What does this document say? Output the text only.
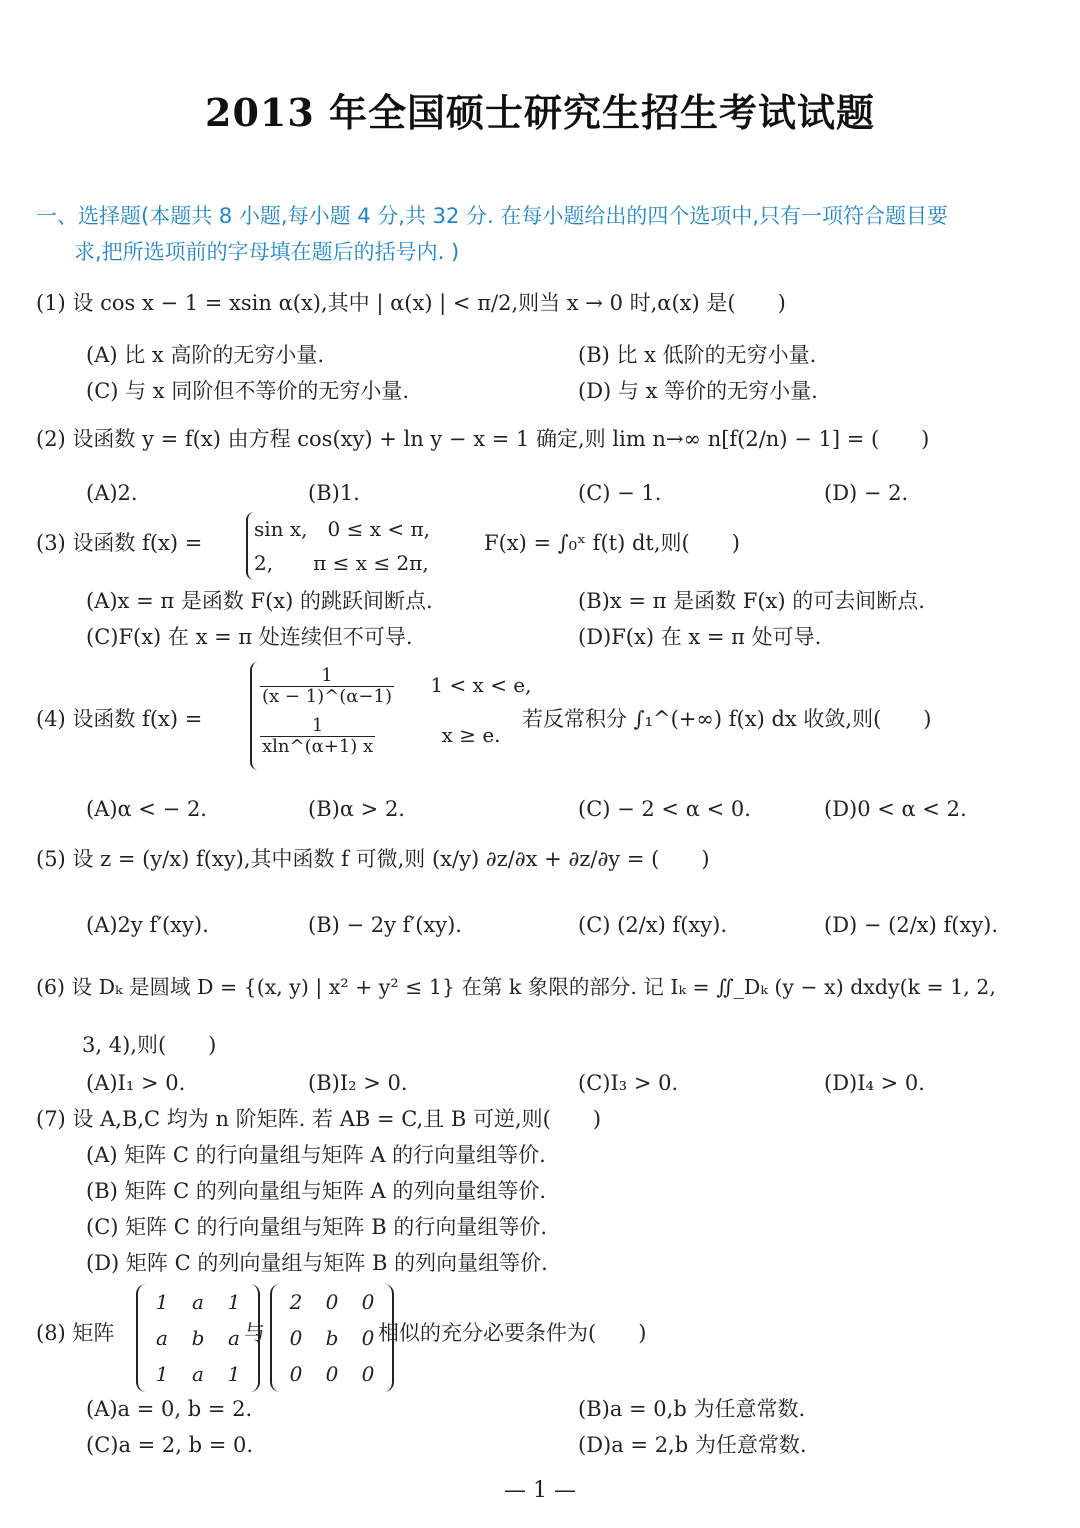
2013 年全国硕士研究生招生考试试题
一、选择题(本题共 8 小题,每小题 4 分,共 32 分. 在每小题给出的四个选项中,只有一项符合题目要
求,把所选项前的字母填在题后的括号内. )
(1) 设 cos x − 1 = xsin α(x),其中 | α(x) | < π/2,则当 x → 0 时,α(x) 是(　　)
(A) 比 x 高阶的无穷小量.	(B) 比 x 低阶的无穷小量.
(C) 与 x 同阶但不等价的无穷小量.	(D) 与 x 等价的无穷小量.
(2) 设函数 y = f(x) 由方程 cos(xy) + ln y − x = 1 确定,则 lim n→∞ n[f(2/n) − 1] = (　　)
(A)2.	(B)1.	(C) − 1.	(D) − 2.
(3) 设函数 f(x) =
sin x,　0 ≤ x < π,
2,　　π ≤ x ≤ 2π,
F(x) = ∫₀ˣ f(t) dt,则(　　)
(A)x = π 是函数 F(x) 的跳跃间断点.	(B)x = π 是函数 F(x) 的可去间断点.
(C)F(x) 在 x = π 处连续但不可导.	(D)F(x) 在 x = π 处可导.
(4) 设函数 f(x) =
$\frac{1}{(x - 1)\^{}(\alpha-1)} 1 < x < e$,
$\frac{1}{xln\^{}(\alpha+1) x}$	x ≥ e.
若反常积分 ∫₁^(+∞) f(x) dx 收敛,则(　　)
(A)α < − 2.	(B)α > 2.	(C) − 2 < α < 0.	(D)0 < α < 2.
(5) 设 z = (y/x) f(xy),其中函数 f 可微,则 (x/y) ∂z/∂x + ∂z/∂y = (　　)
(A)2y f′(xy).	(B) − 2y f′(xy).	(C) (2/x) f(xy).	(D) − (2/x) f(xy).
(6) 设 Dₖ 是圆域 D = {(x, y) | x² + y² ≤ 1} 在第 k 象限的部分. 记 Iₖ = ∬_Dₖ (y − x) dxdy(k = 1, 2,
3, 4),则(　　)
(A)I₁ > 0.	(B)I₂ > 0.	(C)I₃ > 0.	(D)I₄ > 0.
(7) 设 A,B,C 均为 n 阶矩阵. 若 AB = C,且 B 可逆,则(　　)
(A) 矩阵 C 的行向量组与矩阵 A 的行向量组等价.
(B) 矩阵 C 的列向量组与矩阵 A 的列向量组等价.
(C) 矩阵 C 的行向量组与矩阵 B 的行向量组等价.
(D) 矩阵 C 的列向量组与矩阵 B 的列向量组等价.
(8) 矩阵
1 a 1
a b a
1 a 1
与
2 0 0
0 b 0
0 0 0
相似的充分必要条件为(　　)
(A)a = 0, b = 2.	(B)a = 0,b 为任意常数.
(C)a = 2, b = 0.	(D)a = 2,b 为任意常数.
— 1 —
